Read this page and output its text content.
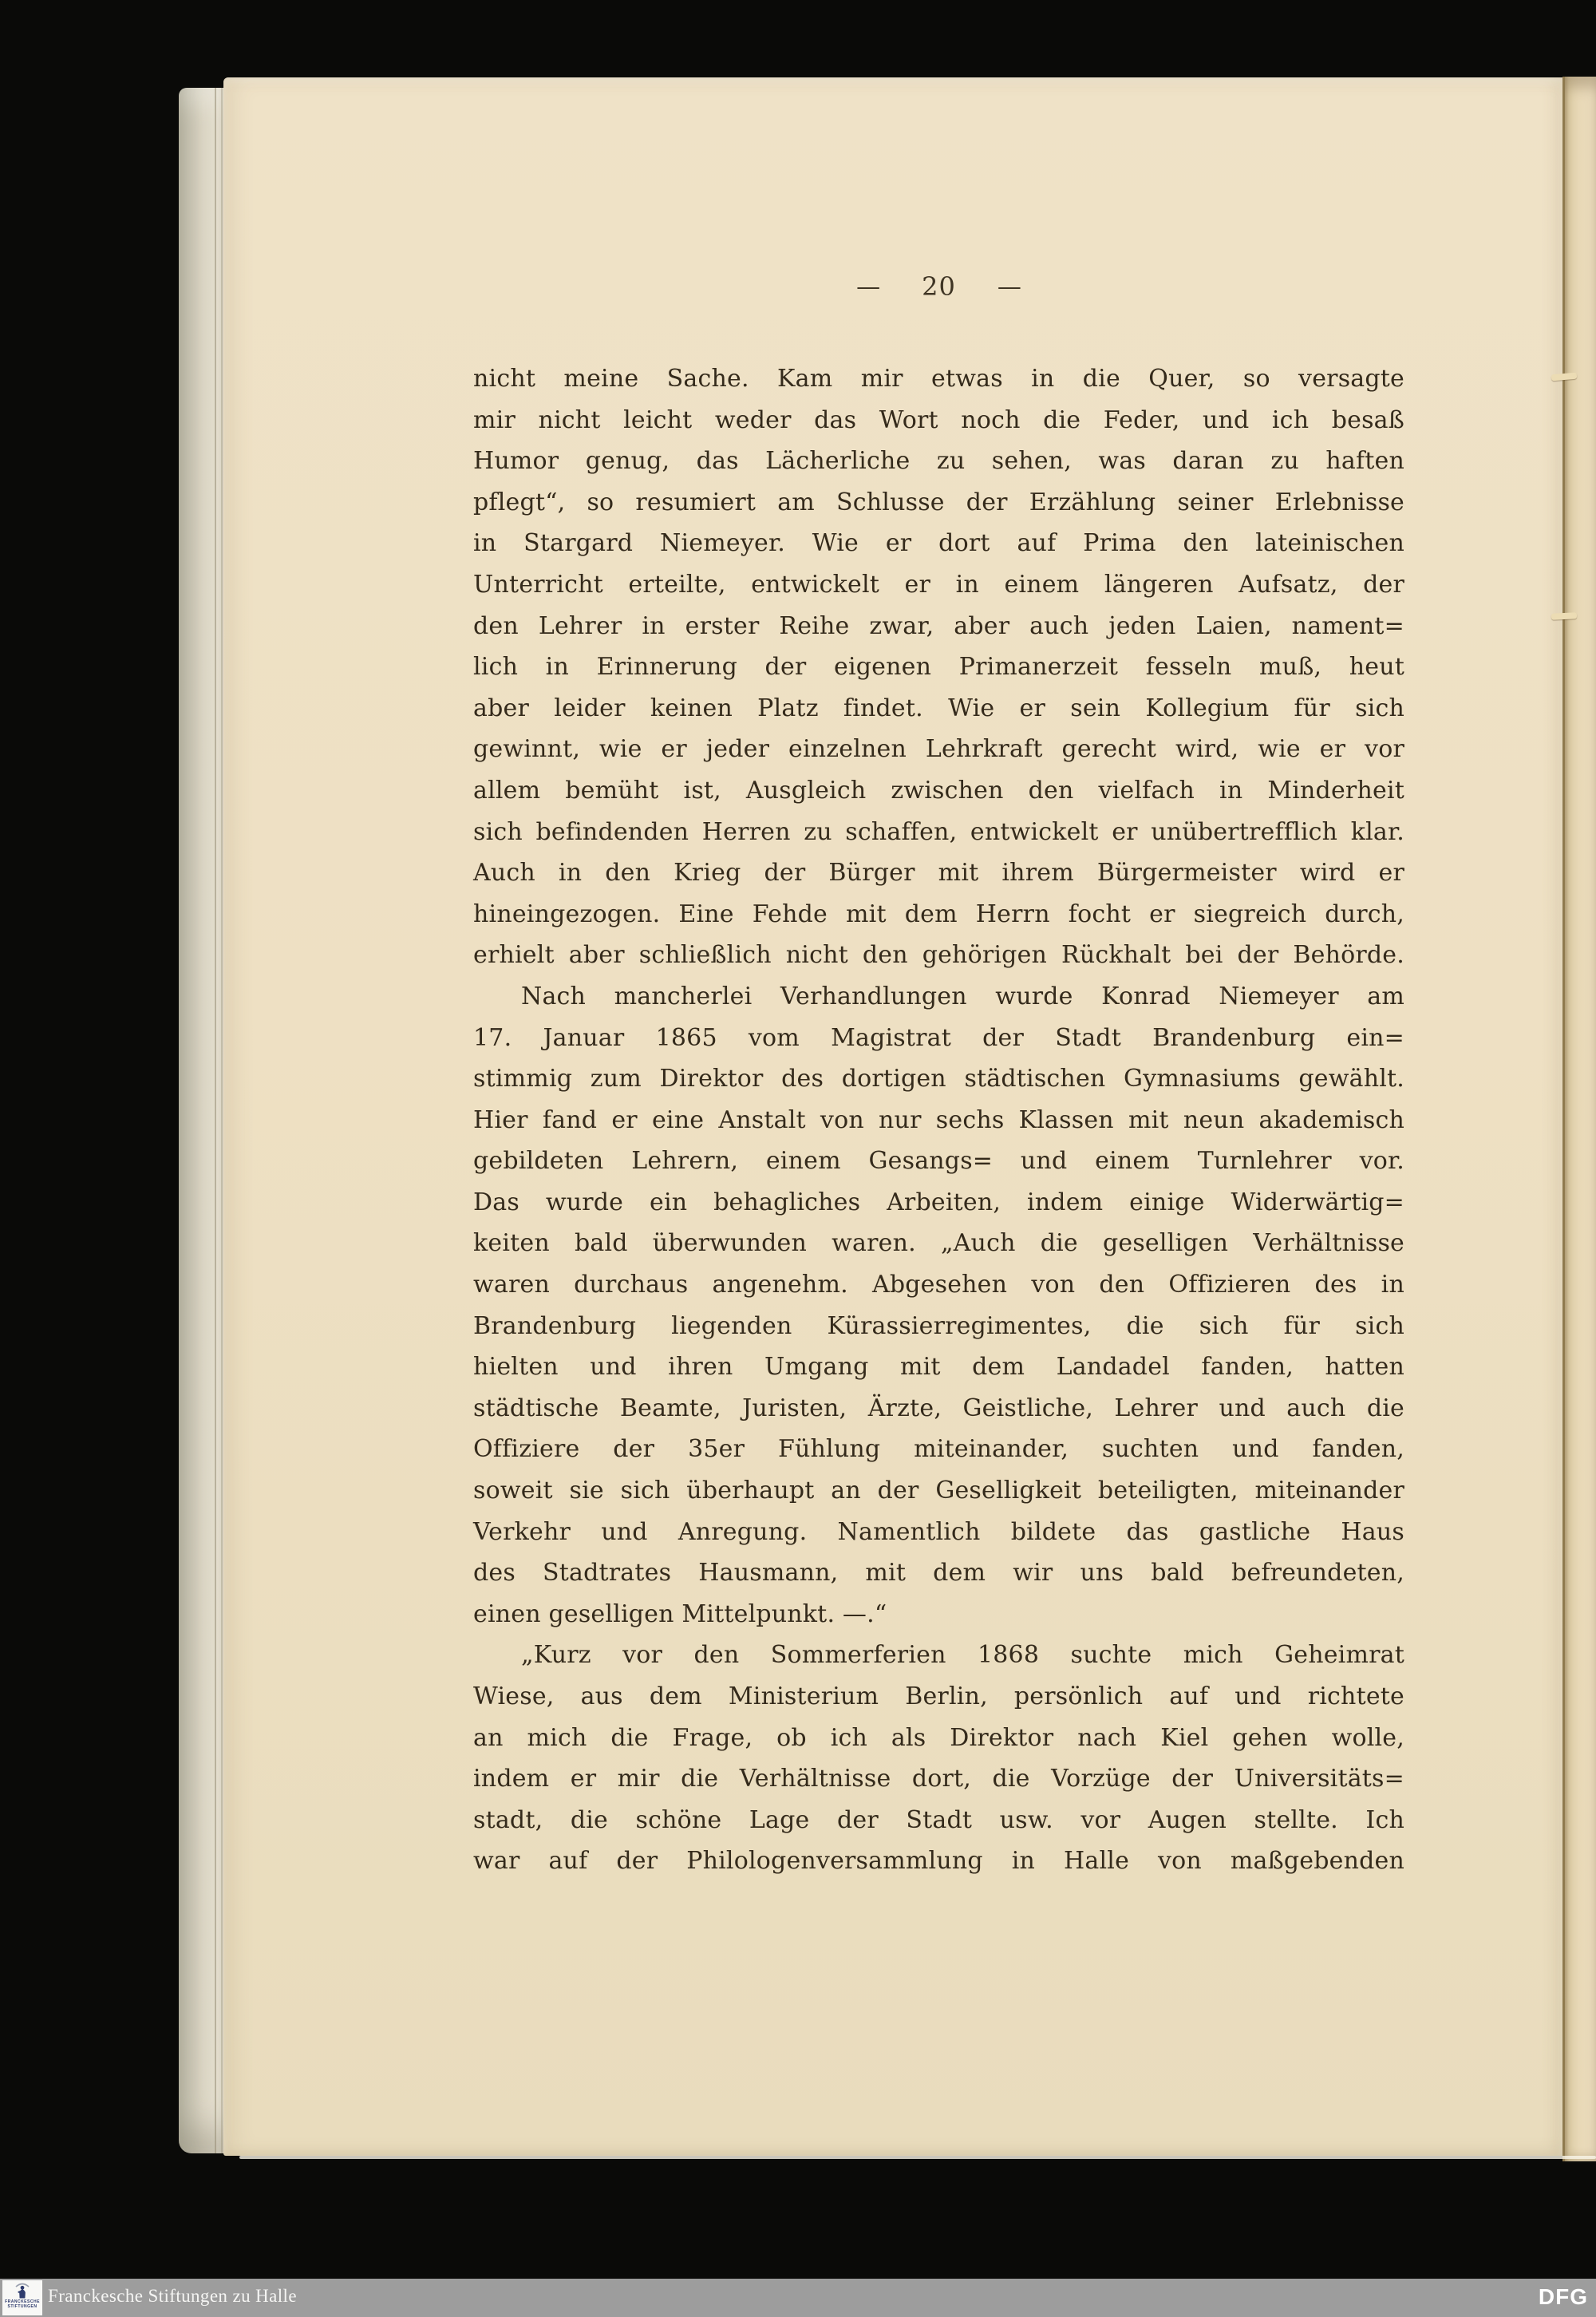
— 20 —
nicht meine Sache. Kam mir etwas in die Quer, so versagte
mir nicht leicht weder das Wort noch die Feder, und ich besaß
Humor genug, das Lächerliche zu sehen, was daran zu haften
pflegt“, so resumiert am Schlusse der Erzählung seiner Erlebnisse
in Stargard Niemeyer. Wie er dort auf Prima den lateinischen
Unterricht erteilte, entwickelt er in einem längeren Aufsatz, der
den Lehrer in erster Reihe zwar, aber auch jeden Laien, nament=
lich in Erinnerung der eigenen Primanerzeit fesseln muß, heut
aber leider keinen Platz findet. Wie er sein Kollegium für sich
gewinnt, wie er jeder einzelnen Lehrkraft gerecht wird, wie er vor
allem bemüht ist, Ausgleich zwischen den vielfach in Minderheit
sich befindenden Herren zu schaffen, entwickelt er unübertrefflich klar.
Auch in den Krieg der Bürger mit ihrem Bürgermeister wird er
hineingezogen. Eine Fehde mit dem Herrn focht er siegreich durch,
erhielt aber schließlich nicht den gehörigen Rückhalt bei der Behörde.
Nach mancherlei Verhandlungen wurde Konrad Niemeyer am
17. Januar 1865 vom Magistrat der Stadt Brandenburg ein=
stimmig zum Direktor des dortigen städtischen Gymnasiums gewählt.
Hier fand er eine Anstalt von nur sechs Klassen mit neun akademisch
gebildeten Lehrern, einem Gesangs= und einem Turnlehrer vor.
Das wurde ein behagliches Arbeiten, indem einige Widerwärtig=
keiten bald überwunden waren. „Auch die geselligen Verhältnisse
waren durchaus angenehm. Abgesehen von den Offizieren des in
Brandenburg liegenden Kürassierregimentes, die sich für sich
hielten und ihren Umgang mit dem Landadel fanden, hatten
städtische Beamte, Juristen, Ärzte, Geistliche, Lehrer und auch die
Offiziere der 35er Fühlung miteinander, suchten und fanden,
soweit sie sich überhaupt an der Geselligkeit beteiligten, miteinander
Verkehr und Anregung. Namentlich bildete das gastliche Haus
des Stadtrates Hausmann, mit dem wir uns bald befreundeten,
einen geselligen Mittelpunkt. —.“
„Kurz vor den Sommerferien 1868 suchte mich Geheimrat
Wiese, aus dem Ministerium Berlin, persönlich auf und richtete
an mich die Frage, ob ich als Direktor nach Kiel gehen wolle,
indem er mir die Verhältnisse dort, die Vorzüge der Universitäts=
stadt, die schöne Lage der Stadt usw. vor Augen stellte. Ich
war auf der Philologenversammlung in Halle von maßgebenden
FRANCKESCHE
STIFTUNGEN
Franckesche Stiftungen zu Halle	DFG
